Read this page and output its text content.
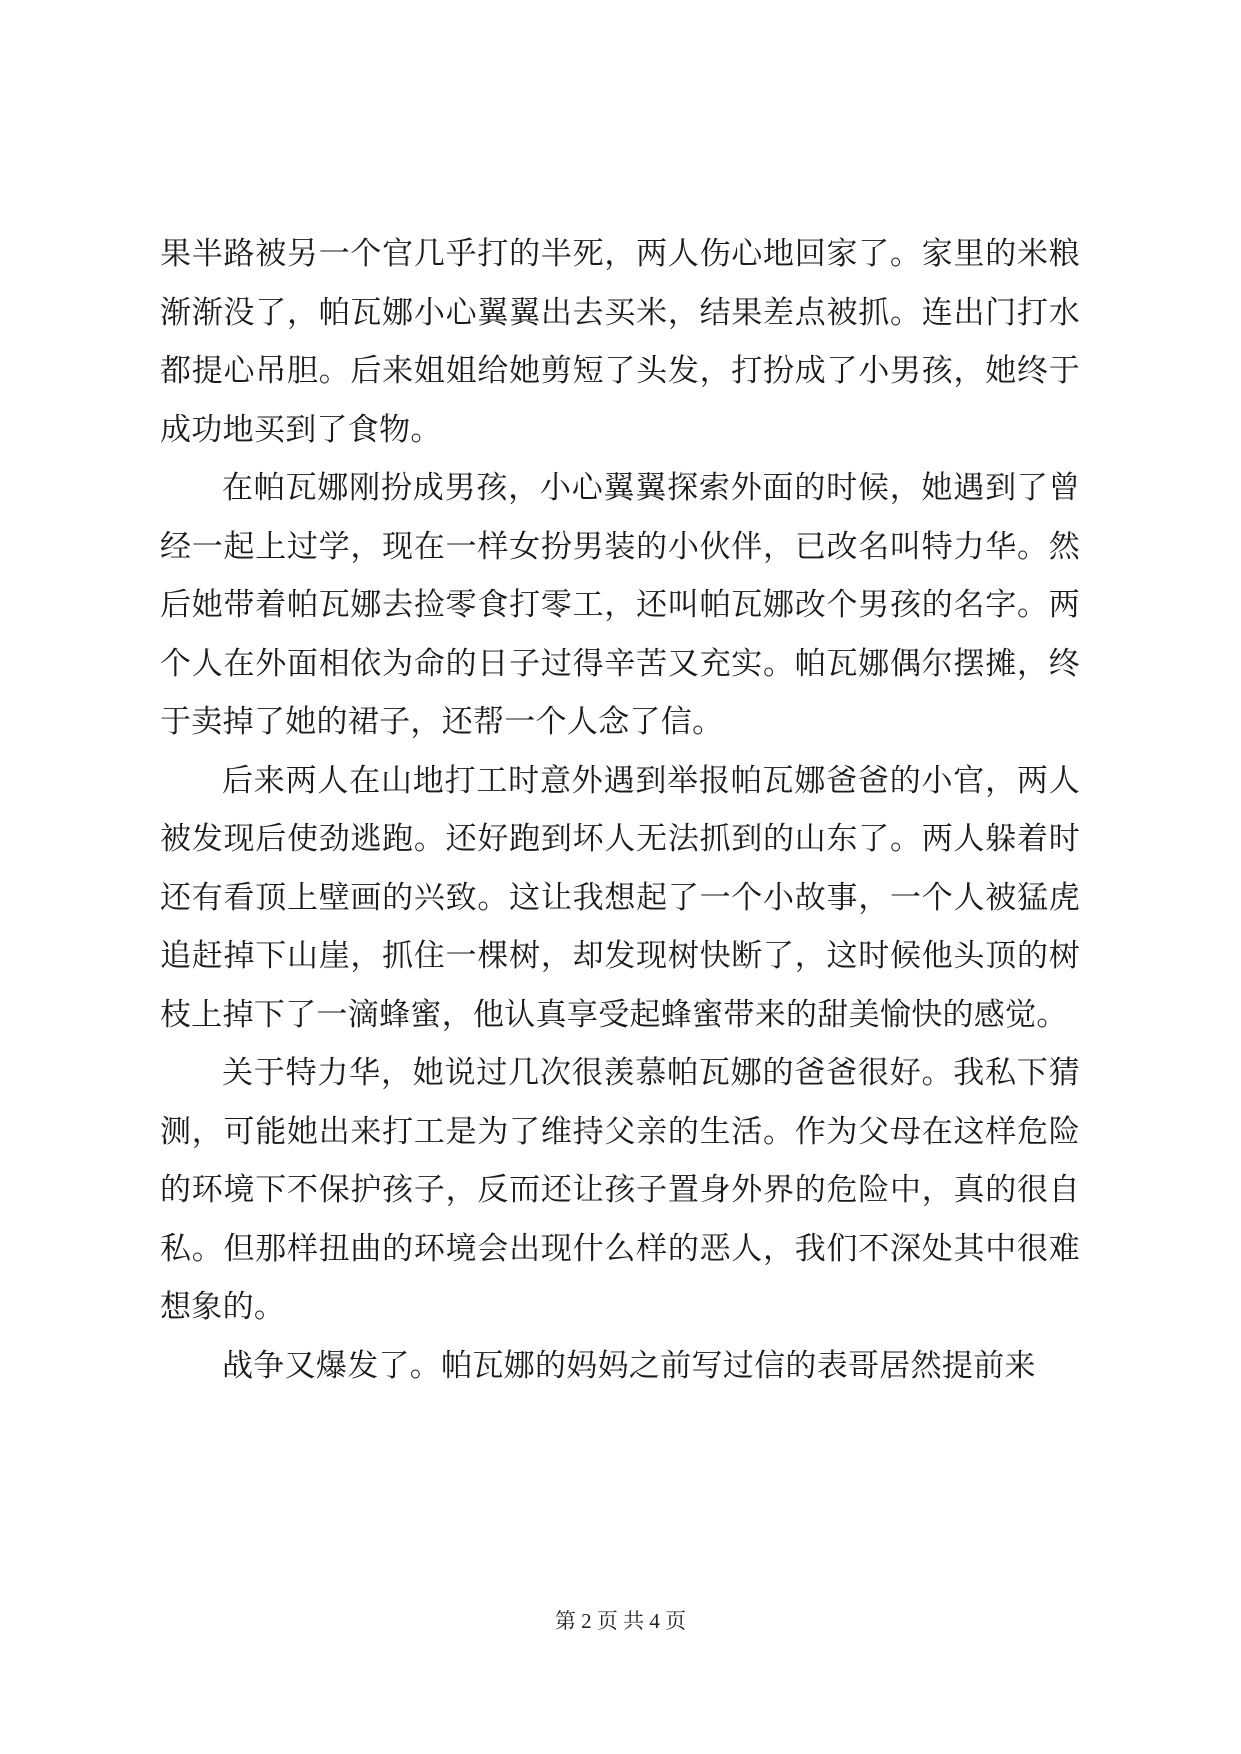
果半路被另一个官几乎打的半死，两人伤心地回家了。家里的米粮渐渐没了，帕瓦娜小心翼翼出去买米，结果差点被抓。连出门打水都提心吊胆。后来姐姐给她剪短了头发，打扮成了小男孩，她终于成功地买到了食物。

在帕瓦娜刚扮成男孩，小心翼翼探索外面的时候，她遇到了曾经一起上过学，现在一样女扮男装的小伙伴，已改名叫特力华。然后她带着帕瓦娜去捡零食打零工，还叫帕瓦娜改个男孩的名字。两个人在外面相依为命的日子过得辛苦又充实。帕瓦娜偶尔摆摊，终于卖掉了她的裙子，还帮一个人念了信。

后来两人在山地打工时意外遇到举报帕瓦娜爸爸的小官，两人被发现后使劲逃跑。还好跑到坏人无法抓到的山东了。两人躲着时还有看顶上壁画的兴致。这让我想起了一个小故事，一个人被猛虎追赶掉下山崖，抓住一棵树，却发现树快断了，这时候他头顶的树枝上掉下了一滴蜂蜜，他认真享受起蜂蜜带来的甜美愉快的感觉。

关于特力华，她说过几次很羡慕帕瓦娜的爸爸很好。我私下猜测，可能她出来打工是为了维持父亲的生活。作为父母在这样危险的环境下不保护孩子，反而还让孩子置身外界的危险中，真的很自私。但那样扭曲的环境会出现什么样的恶人，我们不深处其中很难想象的。

战争又爆发了。帕瓦娜的妈妈之前写过信的表哥居然提前来

第 2 页 共 4 页
